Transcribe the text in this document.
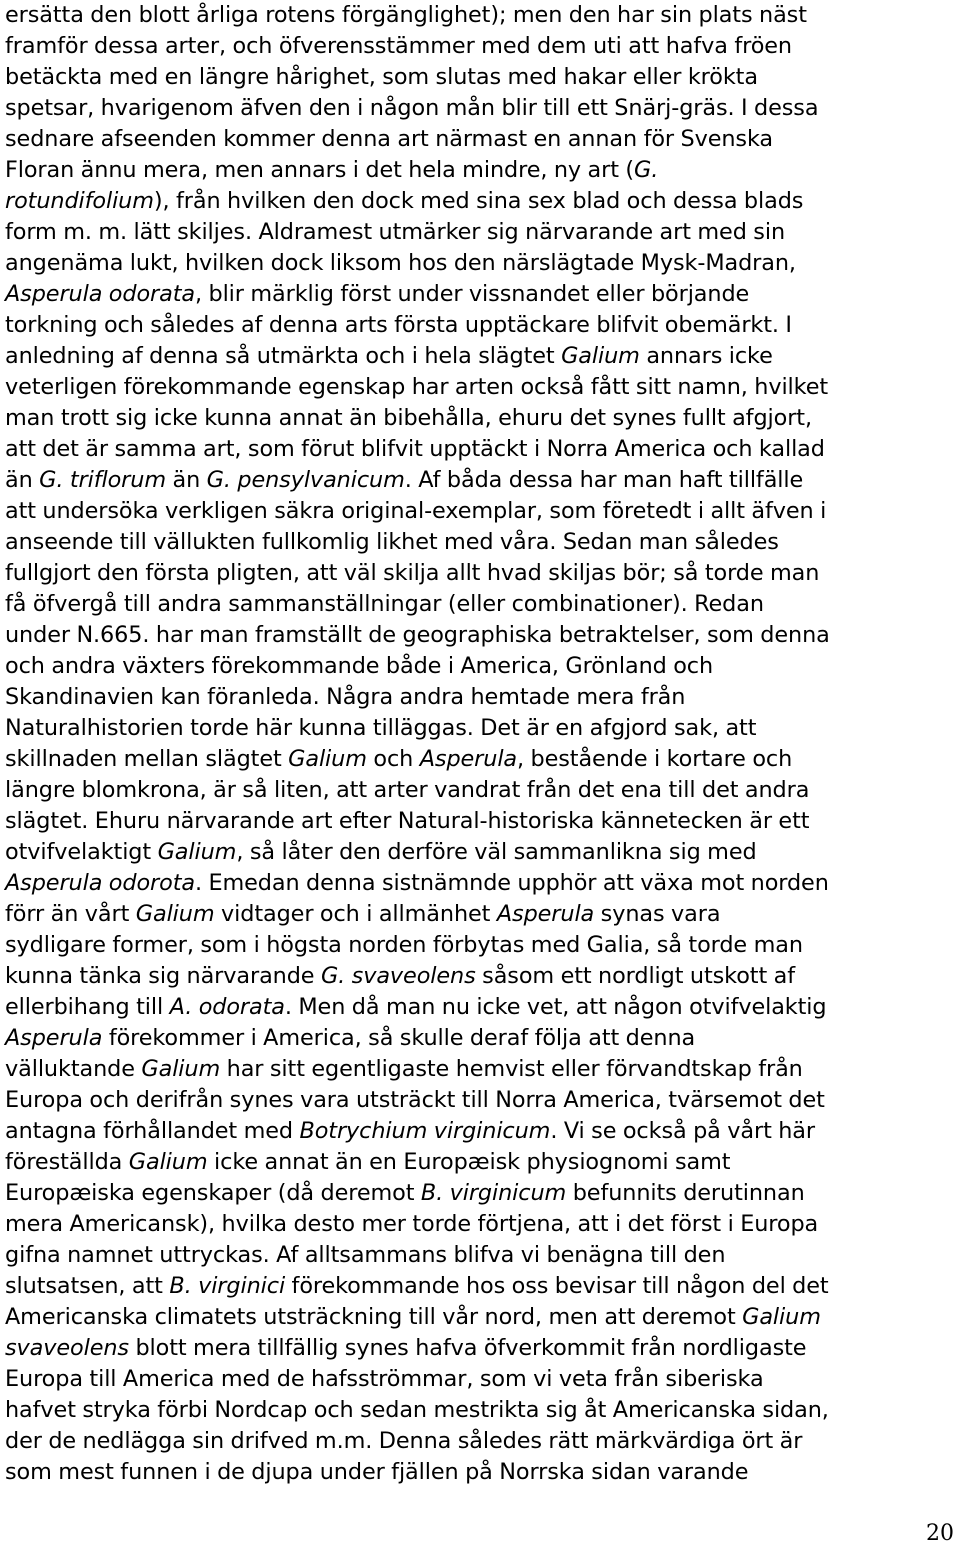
ersätta den blott årliga rotens förgänglighet); men den har sin plats näst
framför dessa arter, och öfverensstämmer med dem uti att hafva fröen
betäckta med en längre hårighet, som slutas med hakar eller krökta
spetsar, hvarigenom äfven den i någon mån blir till ett Snärj-gräs. I dessa
sednare afseenden kommer denna art närmast en annan för Svenska
Floran ännu mera, men annars i det hela mindre, ny art (G.
rotundifolium), från hvilken den dock med sina sex blad och dessa blads
form m. m. lätt skiljes. Aldramest utmärker sig närvarande art med sin
angenäma lukt, hvilken dock liksom hos den närslägtade Mysk-Madran,
Asperula odorata, blir märklig först under vissnandet eller börjande
torkning och således af denna arts första upptäckare blifvit obemärkt. I
anledning af denna så utmärkta och i hela slägtet Galium annars icke
veterligen förekommande egenskap har arten också fått sitt namn, hvilket
man trott sig icke kunna annat än bibehålla, ehuru det synes fullt afgjort,
att det är samma art, som förut blifvit upptäckt i Norra America och kallad
än G. triflorum än G. pensylvanicum. Af båda dessa har man haft tillfälle
att undersöka verkligen säkra original-exemplar, som företedt i allt äfven i
anseende till vällukten fullkomlig likhet med våra. Sedan man således
fullgjort den första pligten, att väl skilja allt hvad skiljas bör; så torde man
få öfvergå till andra sammanställningar (eller combinationer). Redan
under N.665. har man framställt de geographiska betraktelser, som denna
och andra växters förekommande både i America, Grönland och
Skandinavien kan föranleda. Några andra hemtade mera från
Naturalhistorien torde här kunna tilläggas. Det är en afgjord sak, att
skillnaden mellan slägtet Galium och Asperula, bestående i kortare och
längre blomkrona, är så liten, att arter vandrat från det ena till det andra
slägtet. Ehuru närvarande art efter Natural-historiska kännetecken är ett
otvifvelaktigt Galium, så låter den derföre väl sammanlikna sig med
Asperula odorota. Emedan denna sistnämnde upphör att växa mot norden
förr än vårt Galium vidtager och i allmänhet Asperula synas vara
sydligare former, som i högsta norden förbytas med Galia, så torde man
kunna tänka sig närvarande G. svaveolens såsom ett nordligt utskott af
ellerbihang till A. odorata. Men då man nu icke vet, att någon otvifvelaktig
Asperula förekommer i America, så skulle deraf följa att denna
välluktande Galium har sitt egentligaste hemvist eller förvandtskap från
Europa och derifrån synes vara utsträckt till Norra America, tvärsemot det
antagna förhållandet med Botrychium virginicum. Vi se också på vårt här
föreställda Galium icke annat än en Europæisk physiognomi samt
Europæiska egenskaper (då deremot B. virginicum befunnits derutinnan
mera Americansk), hvilka desto mer torde förtjena, att i det först i Europa
gifna namnet uttryckas. Af alltsammans blifva vi benägna till den
slutsatsen, att B. virginici förekommande hos oss bevisar till någon del det
Americanska climatets utsträckning till vår nord, men att deremot Galium
svaveolens blott mera tillfällig synes hafva öfverkommit från nordligaste
Europa till America med de hafsströmmar, som vi veta från siberiska
hafvet stryka förbi Nordcap och sedan mestrikta sig åt Americanska sidan,
der de nedlägga sin drifved m.m. Denna således rätt märkvärdiga ört är
som mest funnen i de djupa under fjällen på Norrska sidan varande
20
